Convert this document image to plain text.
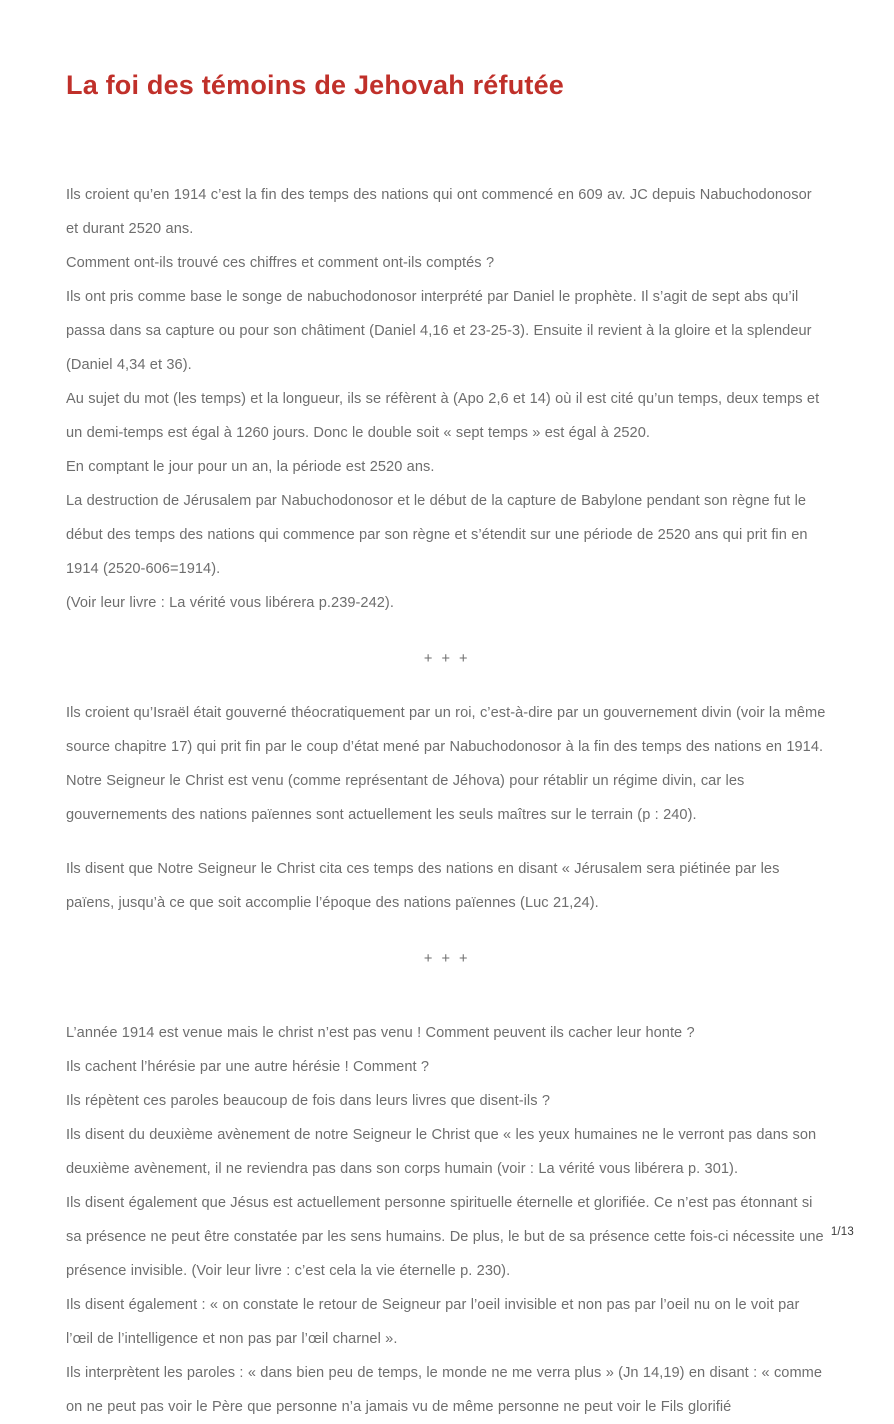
La foi des témoins de Jehovah réfutée

Ils croient qu’en 1914 c’est la fin des temps des nations qui ont commencé en 609 av. JC depuis Nabuchodonosor et durant 2520 ans.

Comment ont-ils trouvé ces chiffres et comment ont-ils comptés ?

Ils ont pris comme base le songe de nabuchodonosor interprété par Daniel le prophète. Il s’agit de sept abs qu’il passa dans sa capture ou pour son châtiment (Daniel 4,16 et 23-25-3). Ensuite il revient à la gloire et la splendeur (Daniel 4,34 et 36).

Au sujet du mot (les temps) et la longueur, ils se réfèrent à (Apo 2,6 et 14) où il est cité qu’un temps, deux temps et un demi-temps est égal à 1260 jours. Donc le double soit « sept temps » est égal à 2520.

En comptant le jour pour un an, la période est 2520 ans.

La destruction de Jérusalem par Nabuchodonosor et le début de la capture de Babylone pendant son règne fut le début des temps des nations qui commence par son règne et s’étendit sur une période de 2520 ans qui prit fin en 1914 (2520-606=1914).

(Voir leur livre : La vérité vous libérera p.239-242).

+ + +

Ils croient qu’Israël était gouverné théocratiquement par un roi, c’est-à-dire par un gouvernement divin (voir la même source chapitre 17) qui prit fin par le coup d’état mené par Nabuchodonosor à la fin des temps des nations en 1914. Notre Seigneur le Christ est venu (comme représentant de Jéhova) pour rétablir un régime divin, car les gouvernements des nations païennes sont actuellement les seuls maîtres sur le terrain (p : 240).

Ils disent que Notre Seigneur le Christ cita ces temps des nations en disant « Jérusalem sera piétinée par les païens, jusqu’à ce que soit accomplie l’époque des nations païennes (Luc 21,24).

+ + +

L’année 1914 est venue mais le christ n’est pas venu ! Comment peuvent ils cacher leur honte ?

Ils cachent l’hérésie par une autre hérésie ! Comment ?

Ils répètent ces paroles beaucoup de fois dans leurs livres que disent-ils ?

Ils disent du deuxième avènement de notre Seigneur le Christ que « les yeux humaines ne le verront pas dans son deuxième avènement, il ne reviendra pas dans son corps humain (voir : La vérité vous libérera p. 301).

Ils disent également que Jésus est actuellement personne spirituelle éternelle et glorifiée. Ce n’est pas étonnant si sa présence ne peut être constatée par les sens humains. De plus, le but de sa présence cette fois-ci nécessite une présence invisible. (Voir leur livre : c’est cela la vie éternelle p. 230).

Ils disent également : « on constate le retour de Seigneur par l’oeil invisible et non pas par l’oeil nu on le voit par l’œil de l’intelligence et non pas par l’œil charnel ».

Ils interprètent les paroles : « dans bien peu de temps, le monde ne me verra plus » (Jn 14,19) en disant : « comme on ne peut pas voir le Père que personne n’a jamais vu de même personne ne peut voir le Fils glorifié

1/13
